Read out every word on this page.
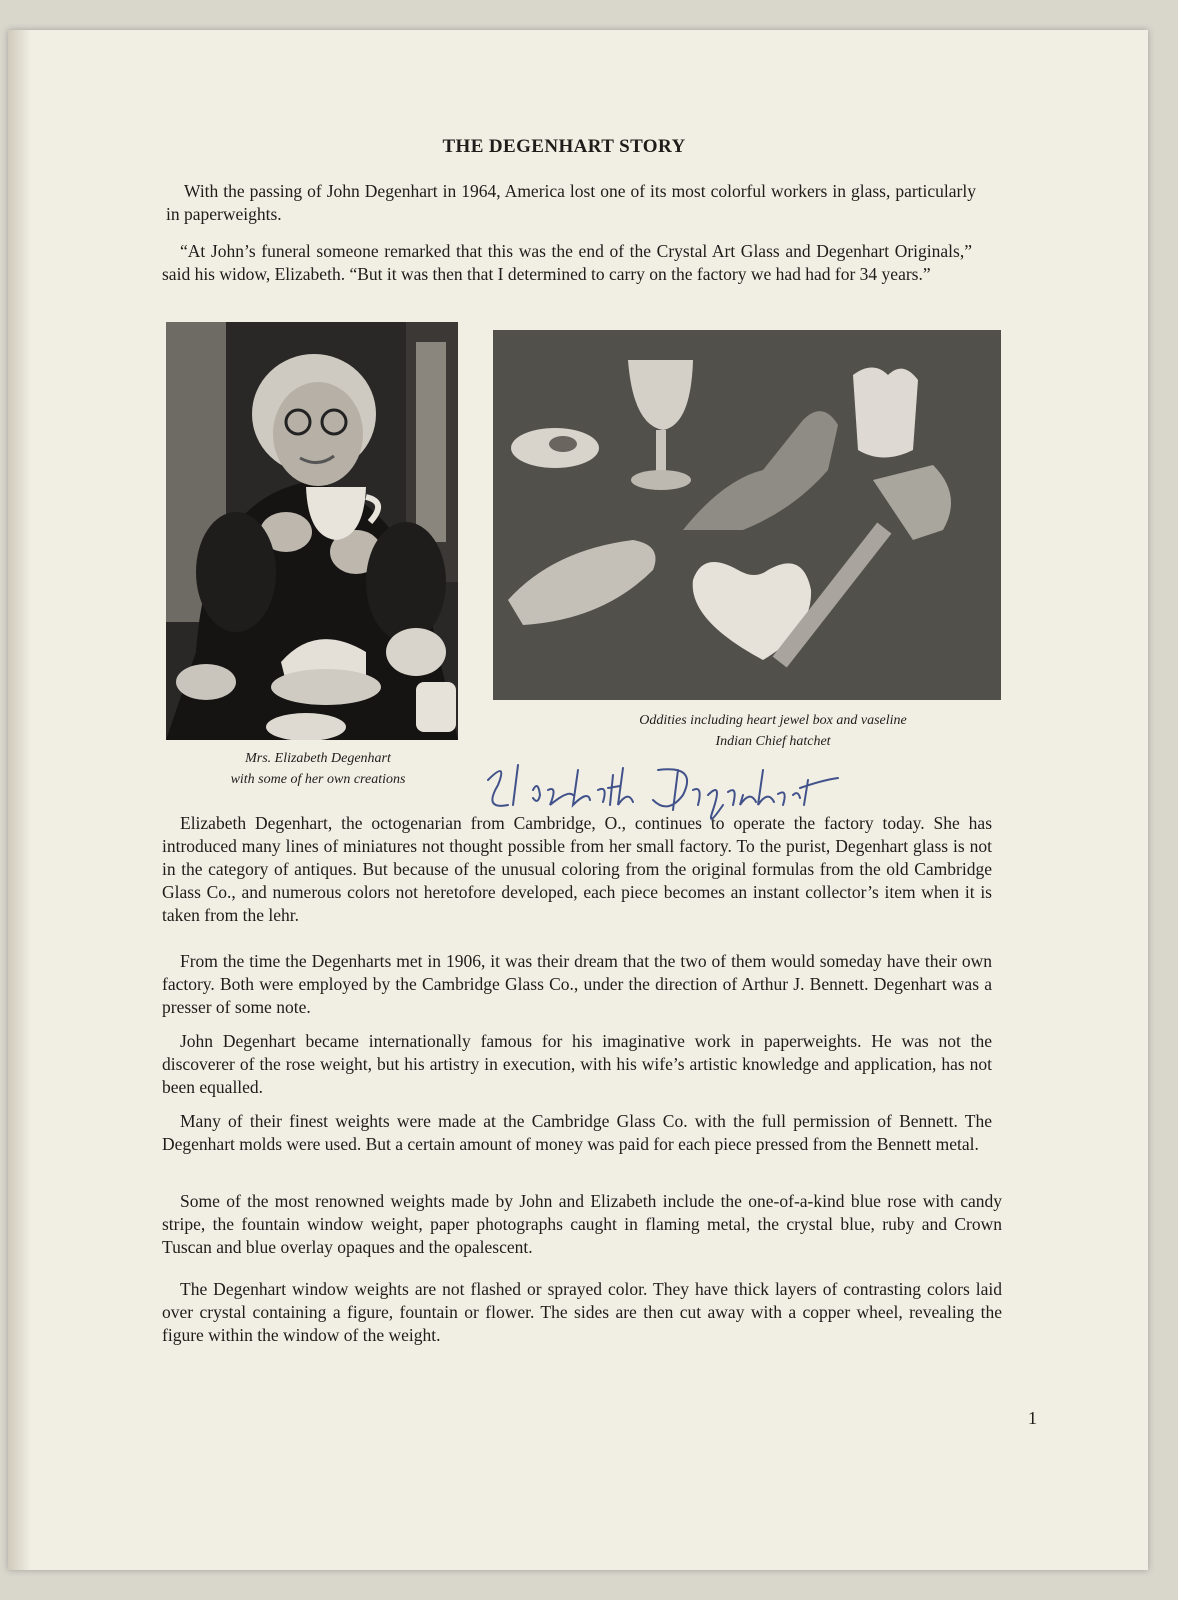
THE DEGENHART STORY

With the passing of John Degenhart in 1964, America lost one of its most colorful workers in glass, particularly in paperweights.

“At John’s funeral someone remarked that this was the end of the Crystal Art Glass and Degenhart Originals,” said his widow, Elizabeth. “But it was then that I determined to carry on the factory we had had for 34 years.”

Mrs. Elizabeth Degenhart
with some of her own creations

Oddities including heart jewel box and vaseline
Indian Chief hatchet

Elizabeth Degenhart, the octogenarian from Cambridge, O., continues to operate the factory today. She has introduced many lines of miniatures not thought possible from her small factory. To the purist, Degenhart glass is not in the category of antiques. But because of the unusual coloring from the original formulas from the old Cambridge Glass Co., and numerous colors not heretofore developed, each piece becomes an instant collector’s item when it is taken from the lehr.

From the time the Degenharts met in 1906, it was their dream that the two of them would someday have their own factory. Both were employed by the Cambridge Glass Co., under the direction of Arthur J. Bennett. Degenhart was a presser of some note.

John Degenhart became internationally famous for his imaginative work in paperweights. He was not the discoverer of the rose weight, but his artistry in execution, with his wife’s artistic knowledge and application, has not been equalled.

Many of their finest weights were made at the Cambridge Glass Co. with the full permission of Bennett. The Degenhart molds were used. But a certain amount of money was paid for each piece pressed from the Bennett metal.

Some of the most renowned weights made by John and Elizabeth include the one-of-a-kind blue rose with candy stripe, the fountain window weight, paper photographs caught in flaming metal, the crystal blue, ruby and Crown Tuscan and blue overlay opaques and the opalescent.

The Degenhart window weights are not flashed or sprayed color. They have thick layers of contrasting colors laid over crystal containing a figure, fountain or flower. The sides are then cut away with a copper wheel, revealing the figure within the window of the weight.

1
